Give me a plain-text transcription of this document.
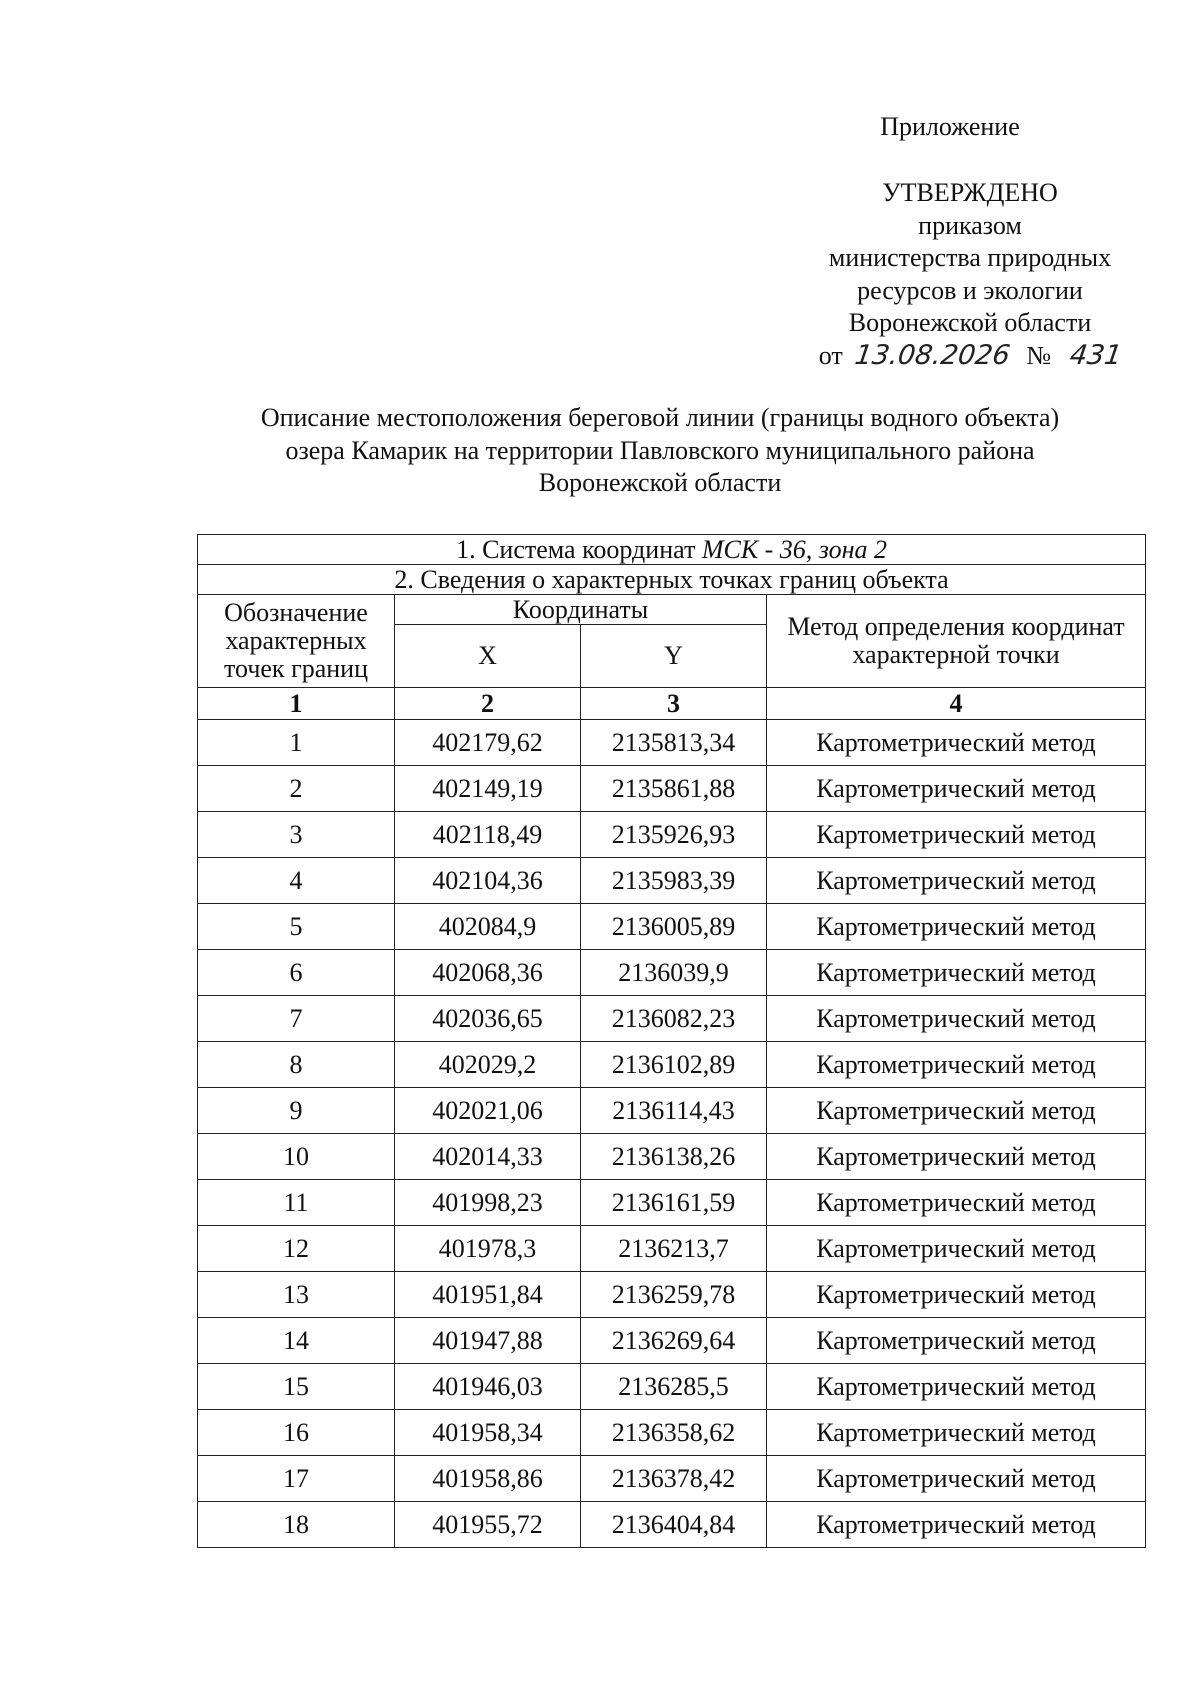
Приложение
УТВЕРЖДЕНО
приказом
министерства природных
ресурсов и экологии
Воронежской области
от 13.08.2026 № 431
Описание местоположения береговой линии (границы водного объекта)
озера Камарик на территории Павловского муниципального района
Воронежской области
1. Система координат МСК - 36, зона 2			
2. Сведения о характерных точках границ объекта			
Обозначение характерных точек границ	Координаты		Метод определения координат характерной точки
	X	Y	
1	2	3	4
1	402179,62	2135813,34	Картометрический метод
2	402149,19	2135861,88	Картометрический метод
3	402118,49	2135926,93	Картометрический метод
4	402104,36	2135983,39	Картометрический метод
5	402084,9	2136005,89	Картометрический метод
6	402068,36	2136039,9	Картометрический метод
7	402036,65	2136082,23	Картометрический метод
8	402029,2	2136102,89	Картометрический метод
9	402021,06	2136114,43	Картометрический метод
10	402014,33	2136138,26	Картометрический метод
11	401998,23	2136161,59	Картометрический метод
12	401978,3	2136213,7	Картометрический метод
13	401951,84	2136259,78	Картометрический метод
14	401947,88	2136269,64	Картометрический метод
15	401946,03	2136285,5	Картометрический метод
16	401958,34	2136358,62	Картометрический метод
17	401958,86	2136378,42	Картометрический метод
18	401955,72	2136404,84	Картометрический метод
